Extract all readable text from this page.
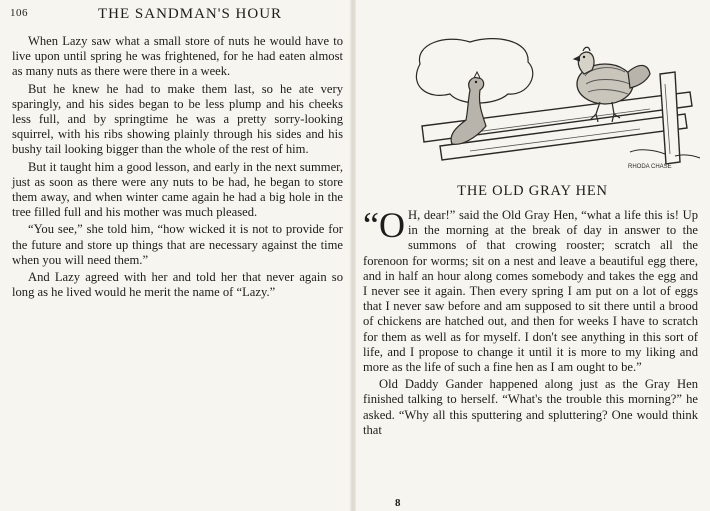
106	THE SANDMAN'S HOUR

When Lazy saw what a small store of nuts he would have to live upon until spring he was frightened, for he had eaten almost as many nuts as there were there in a week.

But he knew he had to make them last, so he ate very sparingly, and his sides began to be less plump and his cheeks less full, and by springtime he was a pretty sorry-looking squirrel, with his ribs showing plainly through his sides and his bushy tail looking bigger than the whole of the rest of him.

But it taught him a good lesson, and early in the next summer, just as soon as there were any nuts to be had, he began to store them away, and when winter came again he had a big hole in the tree filled full and his mother was much pleased.

“You see,” she told him, “how wicked it is not to provide for the future and store up things that are necessary against the time when you will need them.”

And Lazy agreed with her and told her that never again so long as he lived would he merit the name of “Lazy.”

RHODA CHASE
THE OLD GRAY HEN

“O H, dear!” said the Old Gray Hen, “what a life this is! Up in the morning at the break of day in answer to the summons of that crowing rooster; scratch all the forenoon for worms; sit on a nest and leave a beautiful egg there, and in half an hour along comes somebody and takes the egg and I never see it again. Then every spring I am put on a lot of eggs that I never saw before and am supposed to sit there until a brood of chickens are hatched out, and then for weeks I have to scratch for them as well as for myself. I don't see anything in this sort of life, and I propose to change it until it is more to my liking and more as the life of such a fine hen as I am ought to be.”

Old Daddy Gander happened along just as the Gray Hen finished talking to herself. “What's the trouble this morning?” he asked. “Why all this sputtering and spluttering? One would think that

8
